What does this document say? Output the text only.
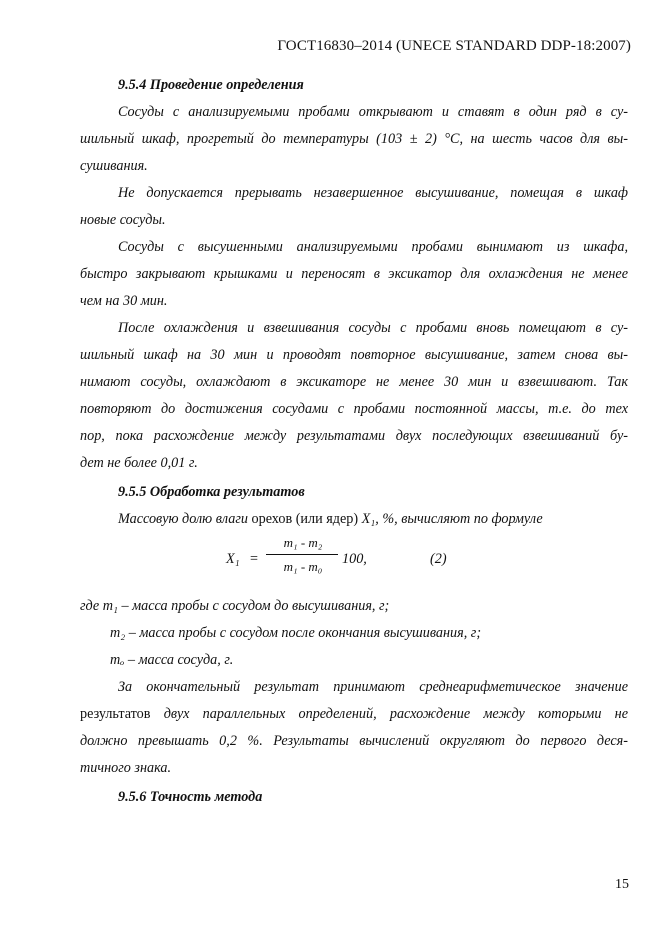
ГОСТ16830–2014 (UNECE STANDARD DDP-18:2007)
9.5.4 Проведение определения
Сосуды с анализируемыми пробами открывают и ставят в один ряд в су-
шильный шкаф, прогретый до температуры (103 ± 2) °С, на шесть часов для вы-
сушивания.
Не допускается прерывать незавершенное высушивание, помещая в шкаф
новые сосуды.
Сосуды с высушенными анализируемыми пробами вынимают из шкафа,
быстро закрывают крышками и переносят в эксикатор для охлаждения не менее
чем на 30 мин.
После охлаждения и взвешивания сосуды с пробами вновь помещают в су-
шильный шкаф на 30 мин и проводят повторное высушивание, затем снова вы-
нимают сосуды, охлаждают в эксикаторе не менее 30 мин и взвешивают. Так
повторяют до достижения сосудами с пробами постоянной массы, т.е. до тех
пор, пока расхождение между результатами двух последующих взвешиваний бу-
дет не более 0,01 г.
9.5.5 Обработка результатов
Массовую долю влаги орехов (или ядер) X₁, %, вычисляют по формуле
X₁ =
m₁ - m₂
m₁ - m₀	100,	(2)
где m₁ – масса пробы с сосудом до высушивания, г;
m₂ – масса пробы с сосудом после окончания высушивания, г;
mₒ – масса сосуда, г.
За окончательный результат принимают среднеарифметическое значение
результатов двух параллельных определений, расхождение между которыми не
должно превышать 0,2 %. Результаты вычислений округляют до первого деся-
тичного знака.
9.5.6 Точность метода
15
